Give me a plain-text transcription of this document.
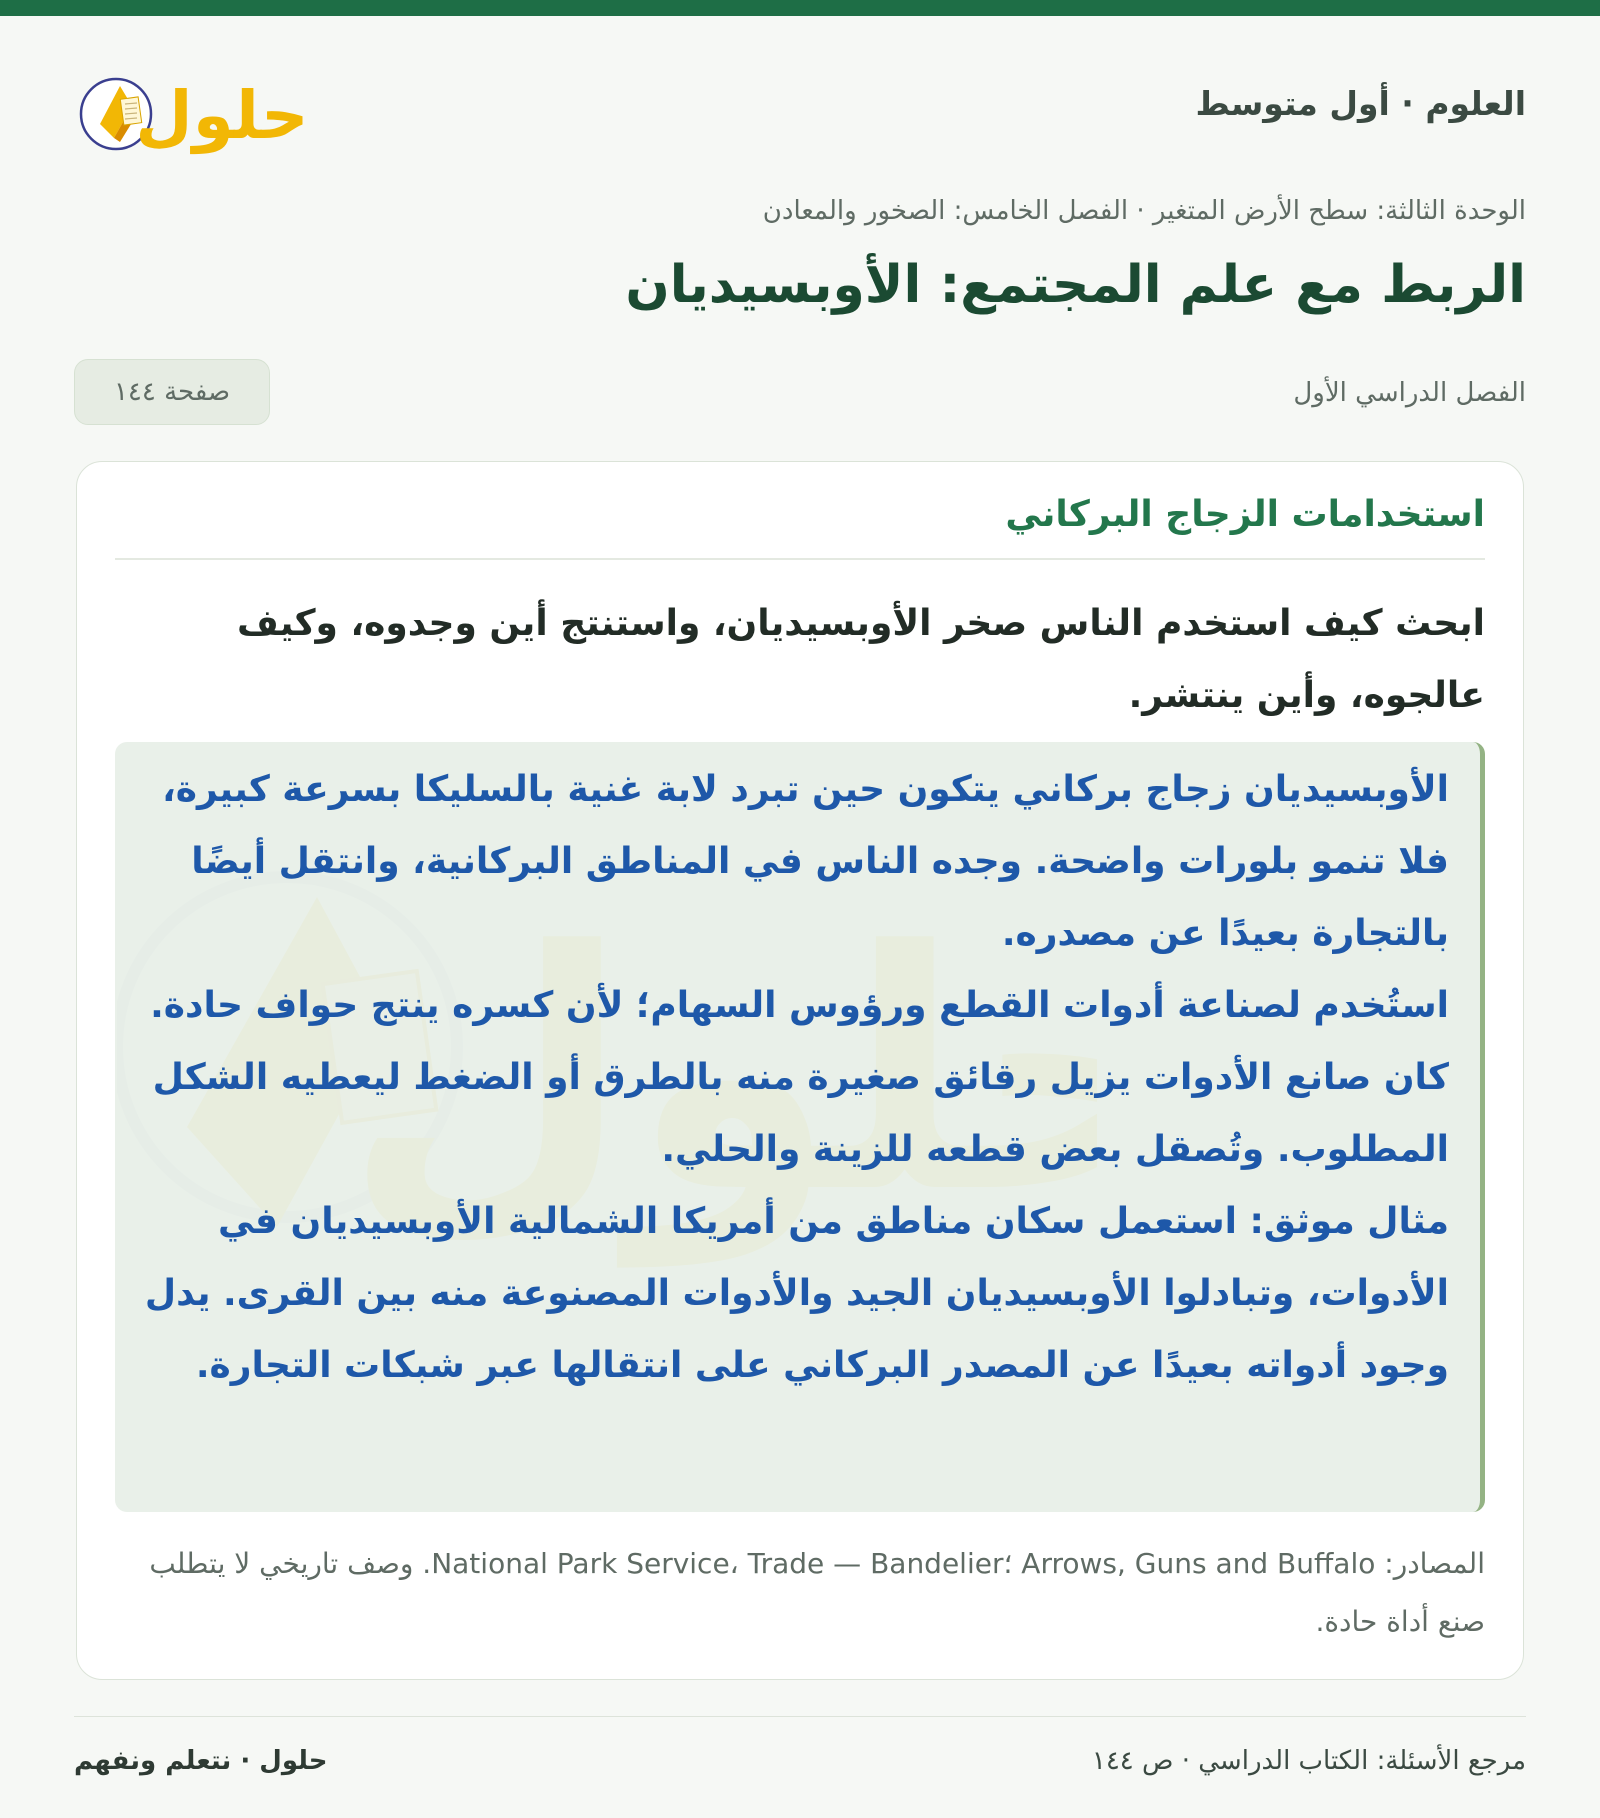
العلوم · أول متوسط
حلول
الوحدة الثالثة: سطح الأرض المتغير · الفصل الخامس: الصخور والمعادن
الربط مع علم المجتمع: الأوبسيديان
الفصل الدراسي الأول
صفحة ١٤٤
استخدامات الزجاج البركاني

ابحث كيف استخدم الناس صخر الأوبسيديان، واستنتج أين وجدوه، وكيف عالجوه، وأين ينتشر.

الأوبسيديان زجاج بركاني يتكون حين تبرد لابة غنية بالسليكا بسرعة كبيرة، فلا تنمو بلورات واضحة. وجده الناس في المناطق البركانية، وانتقل أيضًا بالتجارة بعيدًا عن مصدره.
استُخدم لصناعة أدوات القطع ورؤوس السهام؛ لأن كسره ينتج حواف حادة. كان صانع الأدوات يزيل رقائق صغيرة منه بالطرق أو الضغط ليعطيه الشكل المطلوب. وتُصقل بعض قطعه للزينة والحلي.
مثال موثق: استعمل سكان مناطق من أمريكا الشمالية الأوبسيديان في الأدوات، وتبادلوا الأوبسيديان الجيد والأدوات المصنوعة منه بين القرى. يدل وجود أدواته بعيدًا عن المصدر البركاني على انتقالها عبر شبكات التجارة.

المصادر: Arrows, Guns and Buffalo ؛National Park Service، Trade — Bandelier. وصف تاريخي لا يتطلب صنع أداة حادة.

مرجع الأسئلة: الكتاب الدراسي · ص ١٤٤
حلول · نتعلم ونفهم
